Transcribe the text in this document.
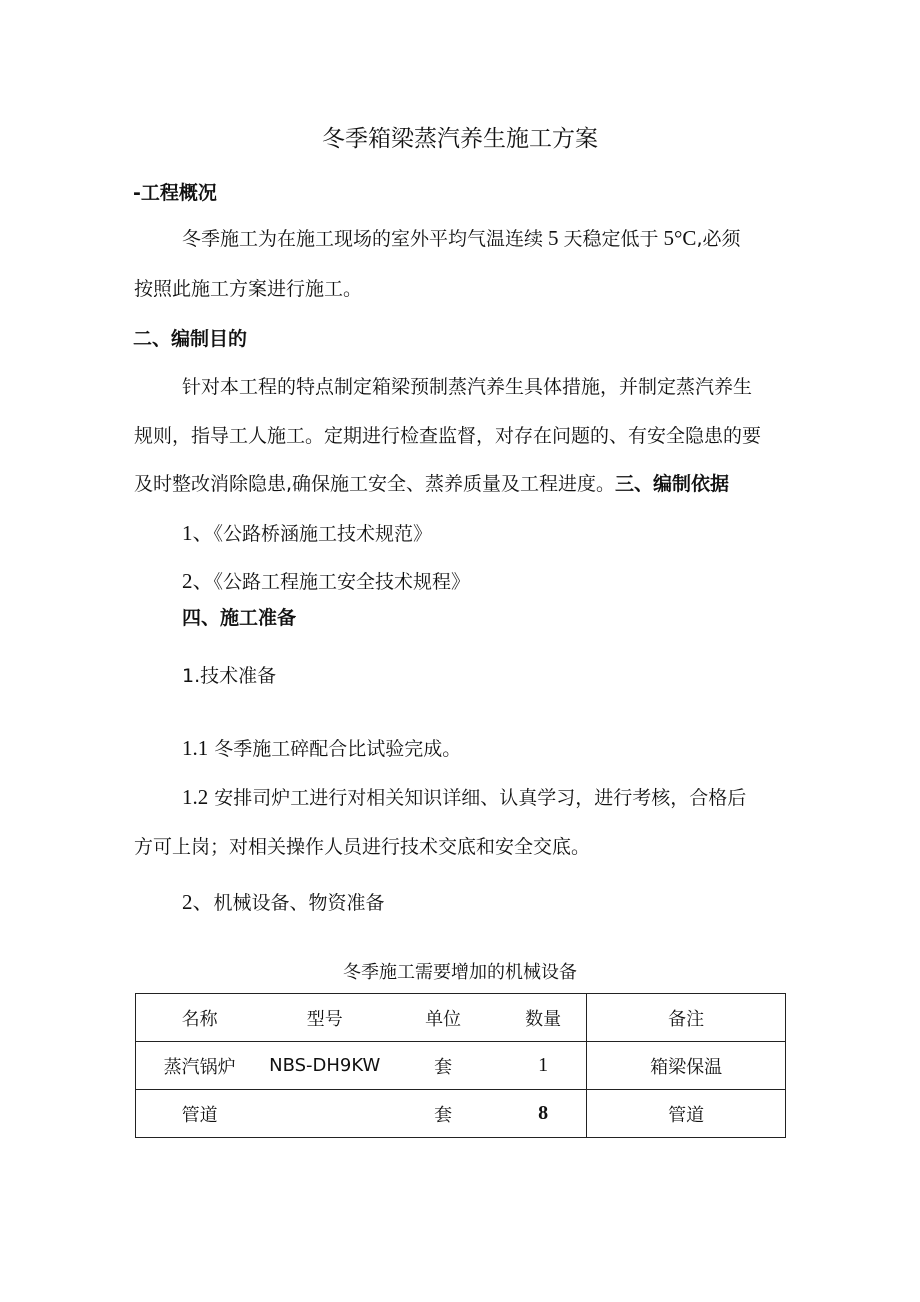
冬季箱梁蒸汽养生施工方案
-工程概况
冬季施工为在施工现场的室外平均气温连续 5 天稳定低于 5°C,必须
按照此施工方案进行施工。
二、编制目的
针对本工程的特点制定箱梁预制蒸汽养生具体措施，并制定蒸汽养生
规则，指导工人施工。定期进行检查监督，对存在问题的、有安全隐患的要
及时整改消除隐患,确保施工安全、蒸养质量及工程进度。三、编制依据
1、《公路桥涵施工技术规范》
2、《公路工程施工安全技术规程》
四、施工准备
1.技术准备
1.1 冬季施工碎配合比试验完成。
1.2 安排司炉工进行对相关知识详细、认真学习，进行考核，合格后
方可上岗；对相关操作人员进行技术交底和安全交底。
2、机械设备、物资准备
冬季施工需要增加的机械设备
名称	型号	单位	数量	备注
蒸汽锅炉	NBS-DH9KW	套	1	箱梁保温
管道		套	8	管道
